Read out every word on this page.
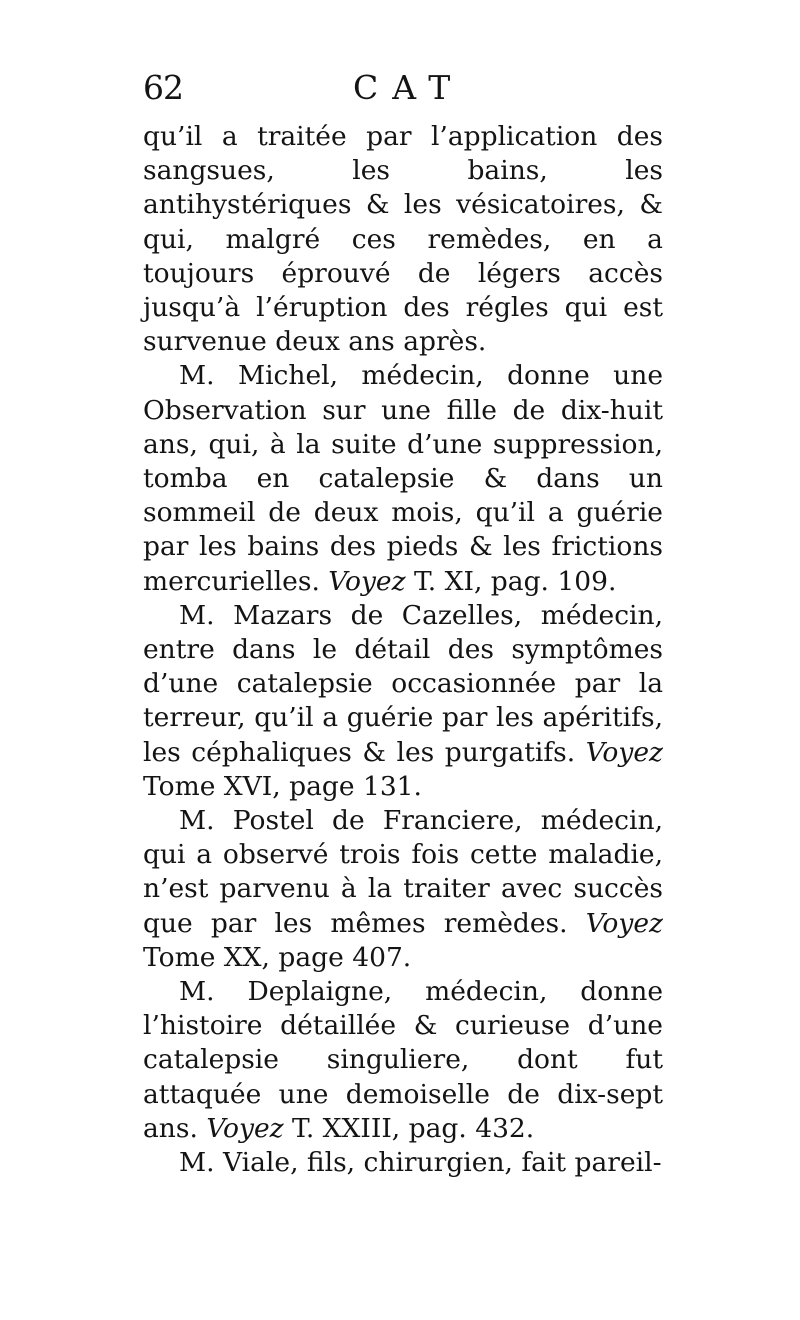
62	CAT

qu’il a traitée par l’application des sangsues, les bains, les antihystériques & les vésicatoires, & qui, malgré ces remèdes, en a toujours éprouvé de légers accès jusqu’à l’éruption des régles qui est survenue deux ans après.

M. Michel, médecin, donne une Observation sur une fille de dix-huit ans, qui, à la suite d’une suppression, tomba en catalepsie & dans un sommeil de deux mois, qu’il a guérie par les bains des pieds & les frictions mercurielles. Voyez T. XI, pag. 109.

M. Mazars de Cazelles, médecin, entre dans le détail des symptômes d’une catalepsie occasionnée par la terreur, qu’il a guérie par les apéritifs, les céphaliques & les purgatifs. Voyez Tome XVI, page 131.

M. Postel de Franciere, médecin, qui a observé trois fois cette maladie, n’est parvenu à la traiter avec succès que par les mêmes remèdes. Voyez Tome XX, page 407.

M. Deplaigne, médecin, donne l’histoire détaillée & curieuse d’une catalepsie singuliere, dont fut attaquée une demoiselle de dix-sept ans. Voyez T. XXIII, pag. 432.

M. Viale, fils, chirurgien, fait pareil-
